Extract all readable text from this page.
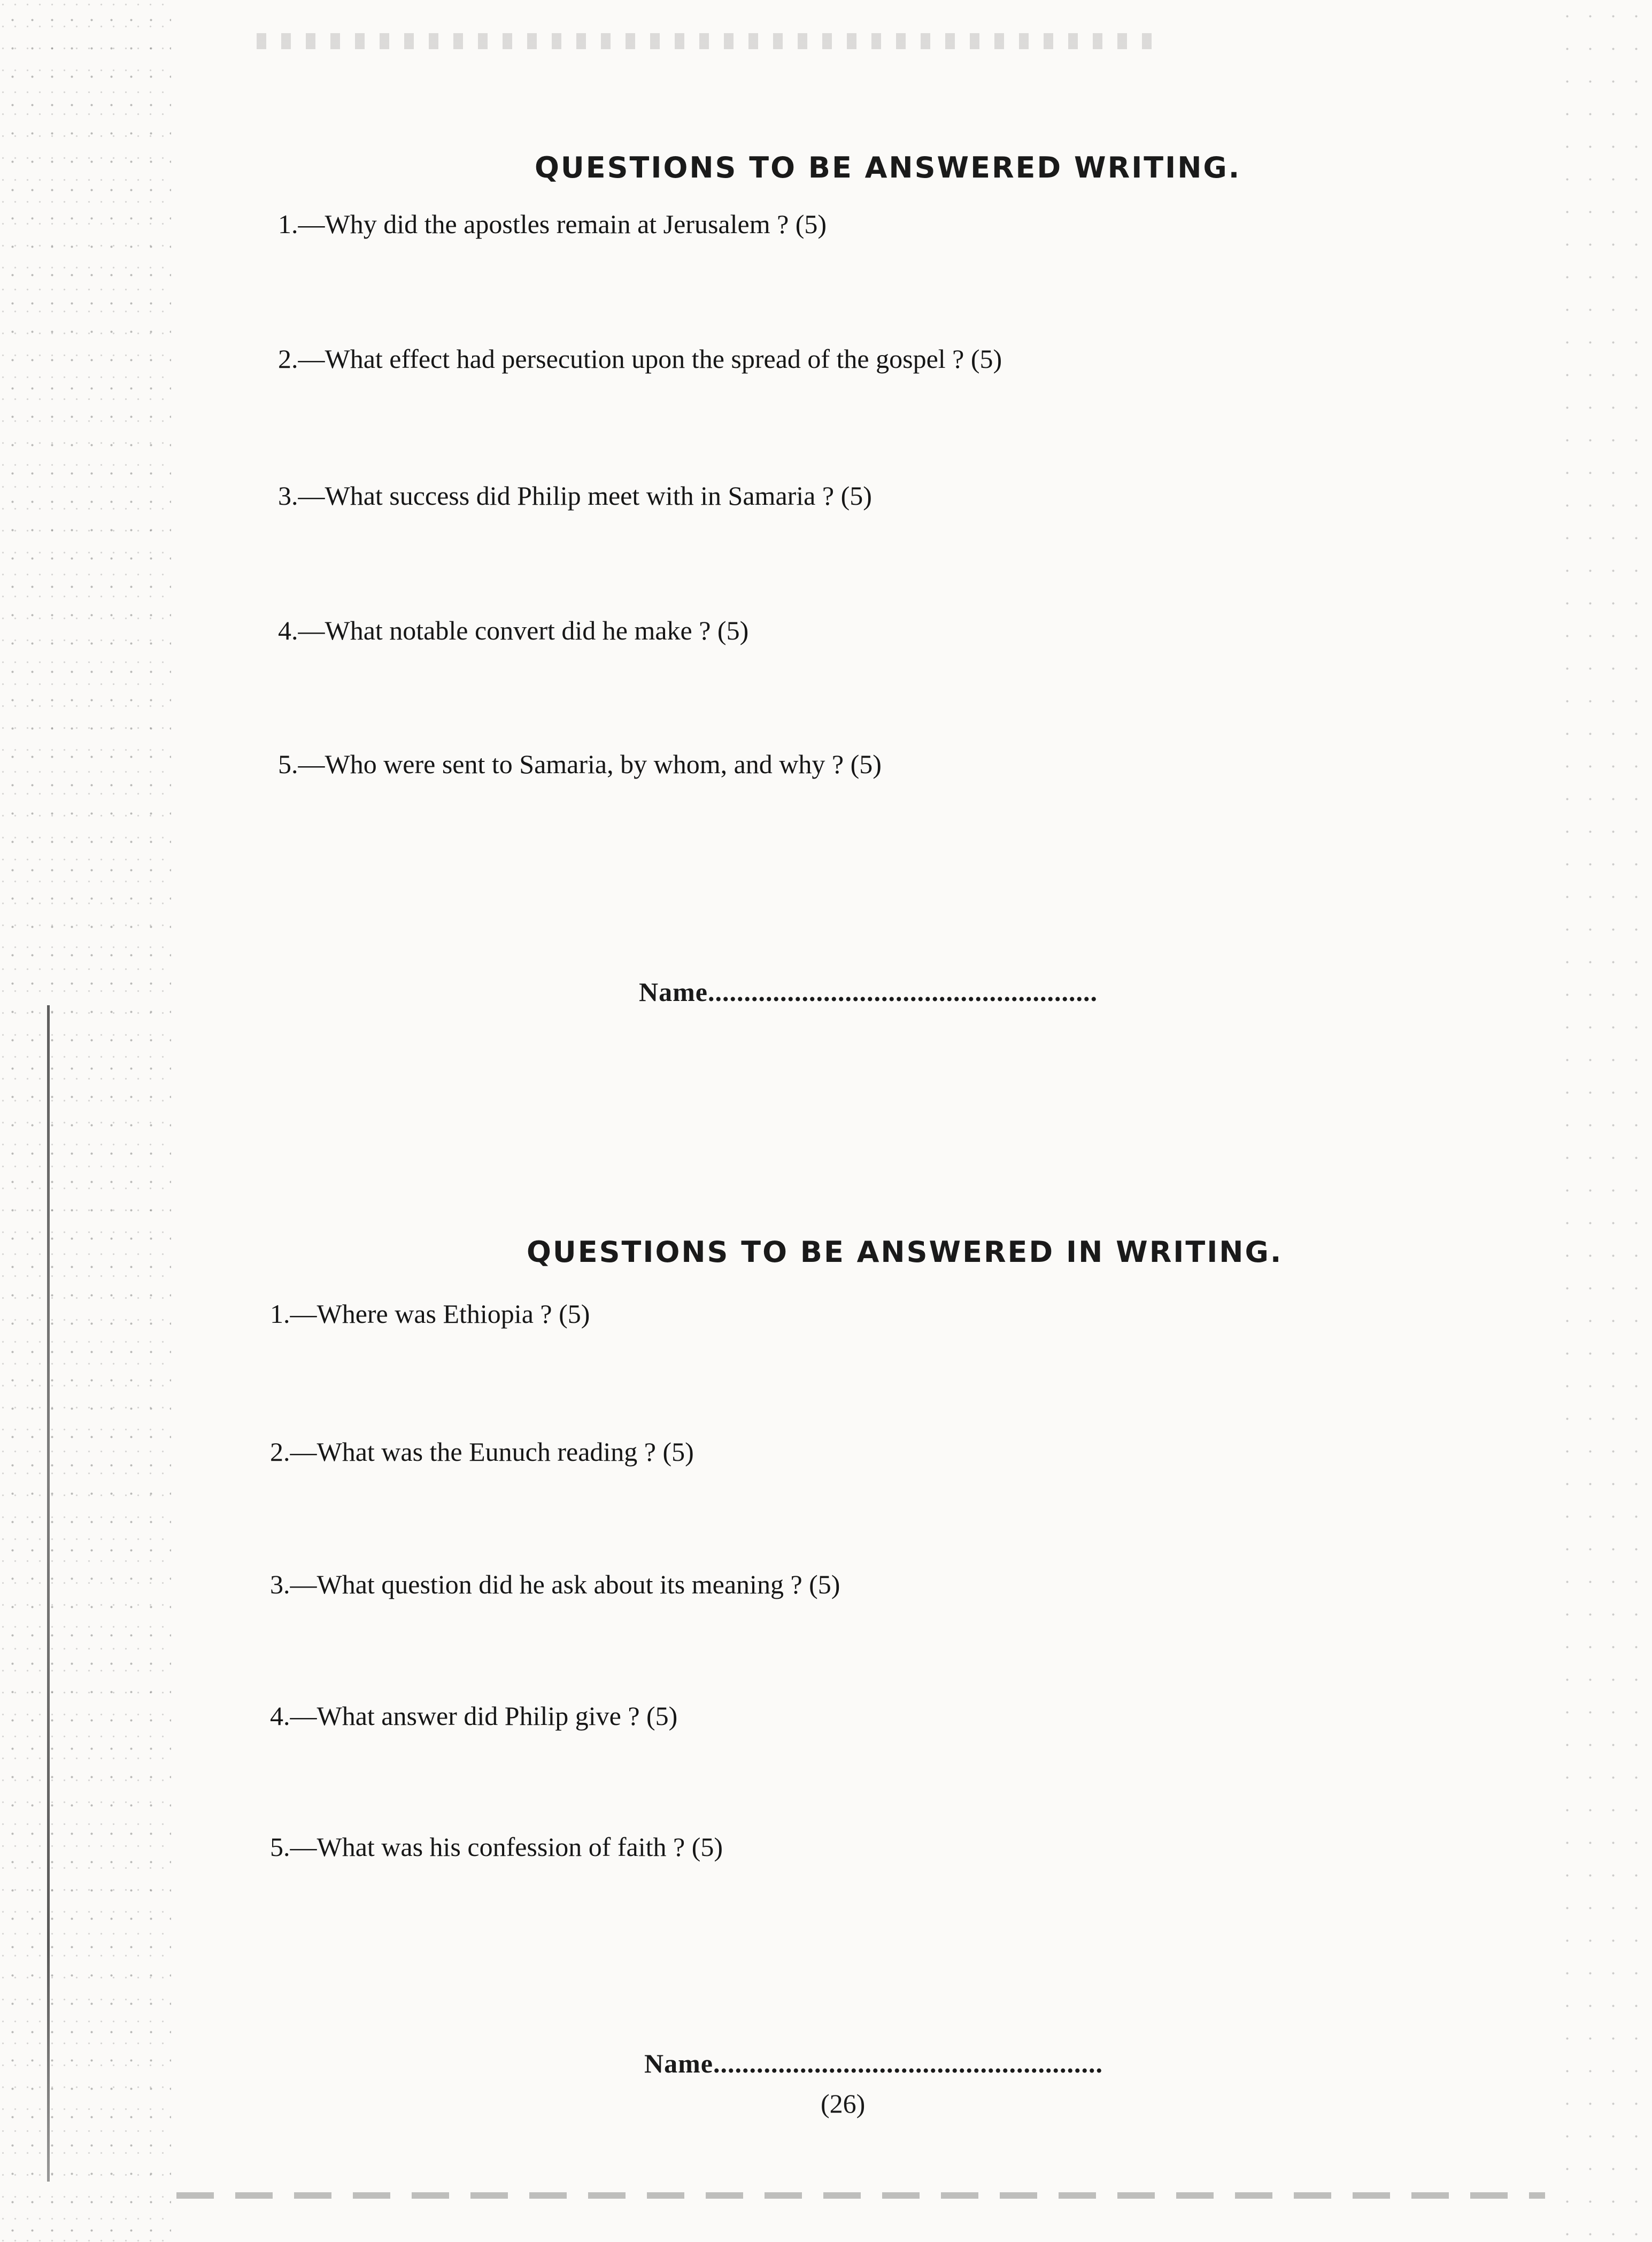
QUESTIONS TO BE ANSWERED WRITING.
1.—Why did the apostles remain at Jerusalem ? (5)
2.—What effect had persecution upon the spread of the gospel ? (5)
3.—What success did Philip meet with in Samaria ? (5)
4.—What notable convert did he make ? (5)
5.—Who were sent to Samaria, by whom, and why ? (5)
Name......................................................
QUESTIONS TO BE ANSWERED IN WRITING.
1.—Where was Ethiopia ? (5)
2.—What was the Eunuch reading ? (5)
3.—What question did he ask about its meaning ? (5)
4.—What answer did Philip give ? (5)
5.—What was his confession of faith ? (5)
Name......................................................
(26)
